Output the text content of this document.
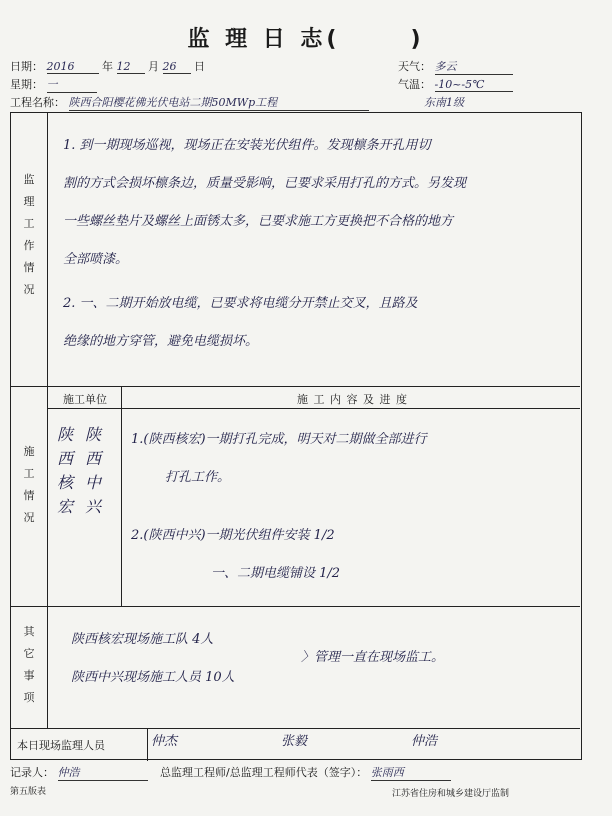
监 理 日 志(	)
日期： 2016	年 12 月 26 日
星期： 一
工程名称： 陕西合阳樱花佛光伏电站二期50MWp工程
天气： 多云
气温： -10~-5℃
东南1级
监
理
工
作
情
况
1. 到一期现场巡视，现场正在安装光伏组件。发现檩条开孔用切
割的方式会损坏檩条边，质量受影响，已要求采用打孔的方式。另发现
一些螺丝垫片及螺丝上面锈太多，已要求施工方更换把不合格的地方
全部喷漆。
2. 一、二期开始放电缆，已要求将电缆分开禁止交叉，且路及
绝缘的地方穿管，避免电缆损坏。
施工单位	施 工 内 容 及 进 度
施
工
情
况
陕西核宏
陕西中兴
1.(陕西核宏)一期打孔完成，明天对二期做全部进行
打孔工作。
2.(陕西中兴)一期光伏组件安装 1/2
一、二期电缆铺设 1/2
其
它
事
项
陕西核宏现场施工队 4人
陕西中兴现场施工人员 10人
〉管理一直在现场监工。
本日现场监理人员	仲杰	张毅	仲浩
记录人： 仲浩	总监理工程师/总监理工程师代表（签字）： 张雨西
第五版表	江苏省住房和城乡建设厅监制
